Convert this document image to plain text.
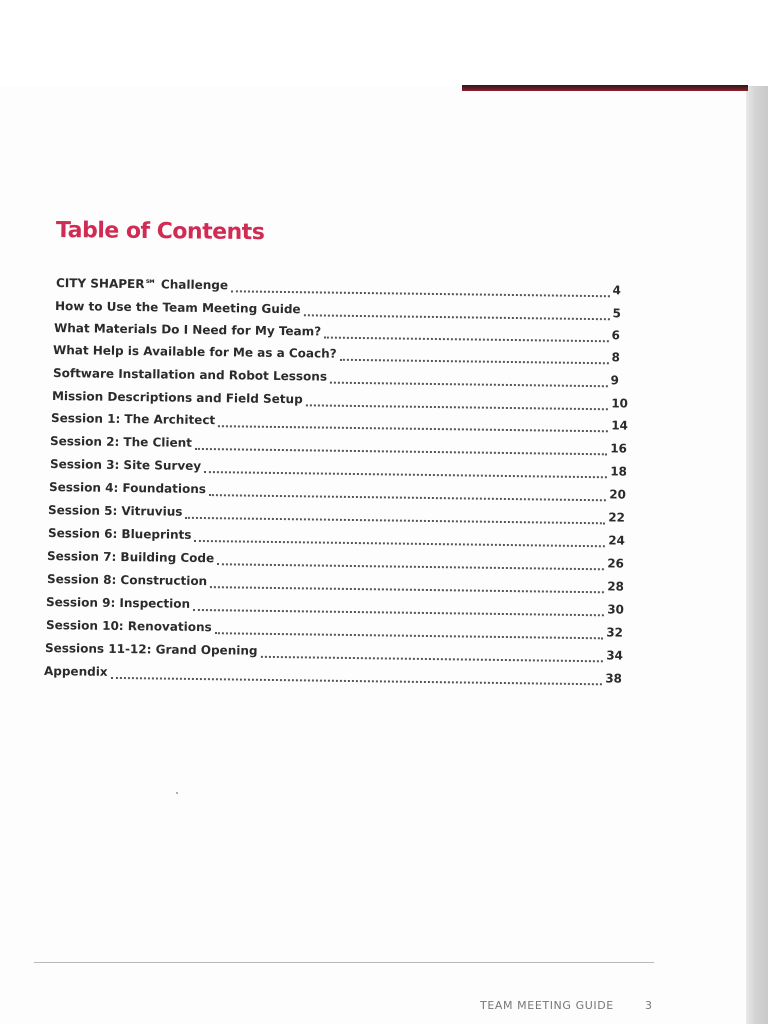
Table of Contents
CITY SHAPER℠ Challenge	4
How to Use the Team Meeting Guide	5
What Materials Do I Need for My Team?	6
What Help is Available for Me as a Coach?	8
Software Installation and Robot Lessons	9
Mission Descriptions and Field Setup	10
Session 1: The Architect	14
Session 2: The Client	16
Session 3: Site Survey	18
Session 4: Foundations	20
Session 5: Vitruvius	22
Session 6: Blueprints	24
Session 7: Building Code	26
Session 8: Construction	28
Session 9: Inspection	30
Session 10: Renovations	32
Sessions 11-12: Grand Opening	34
Appendix	38
TEAM MEETING GUIDE	3
